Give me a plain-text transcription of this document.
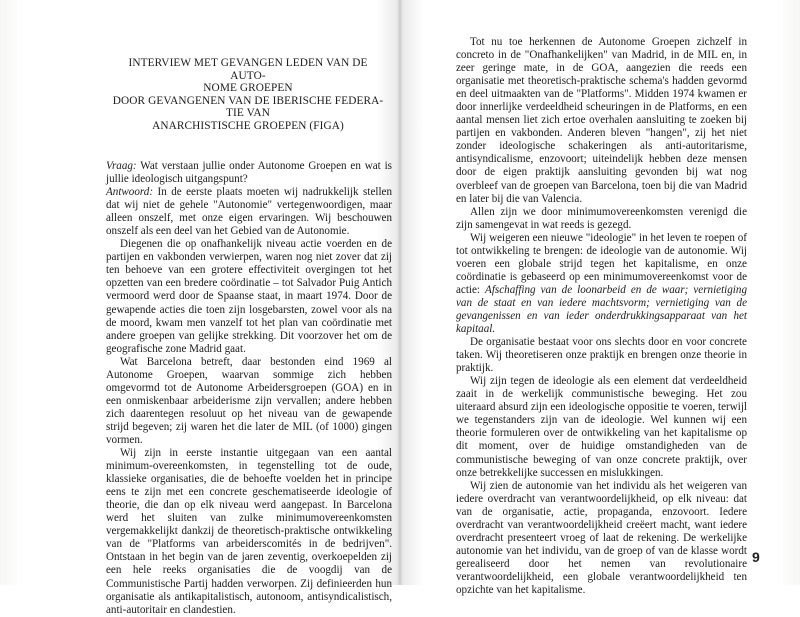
INTERVIEW MET GEVANGEN LEDEN VAN DE AUTO-
NOME GROEPEN
DOOR GEVANGENEN VAN DE IBERISCHE FEDERA-
TIE VAN
ANARCHISTISCHE GROEPEN (FIGA)

Vraag: Wat verstaan jullie onder Autonome Groepen en wat is jullie ideologisch uitgangspunt?

Antwoord: In de eerste plaats moeten wij nadrukkelijk stellen dat wij niet de gehele "Autonomie" vertegenwoordigen, maar alleen onszelf, met onze eigen ervaringen. Wij beschouwen onszelf als een deel van het Gebied van de Autonomie.

Diegenen die op onafhankelijk niveau actie voerden en de partijen en vakbonden verwierpen, waren nog niet zover dat zij ten behoeve van een grotere effectiviteit overgingen tot het opzetten van een bredere coördinatie – tot Salvador Puig Antich vermoord werd door de Spaanse staat, in maart 1974. Door de gewapende acties die toen zijn losgebarsten, zowel voor als na de moord, kwam men vanzelf tot het plan van coördinatie met andere groepen van gelijke strekking. Dit voorzover het om de geografische zone Madrid gaat.

Wat Barcelona betreft, daar bestonden eind 1969 al Autonome Groepen, waarvan sommige zich hebben omgevormd tot de Autonome Arbeidersgroepen (GOA) en in een onmiskenbaar arbeiderisme zijn vervallen; andere hebben zich daarentegen resoluut op het niveau van de gewapende strijd begeven; zij waren het die later de MIL (of 1000) gingen vormen.

Wij zijn in eerste instantie uitgegaan van een aantal minimum-overeenkomsten, in tegenstelling tot de oude, klassieke organisaties, die de behoefte voelden het in principe eens te zijn met een concrete geschematiseerde ideologie of theorie, die dan op elk niveau werd aangepast. In Barcelona werd het sluiten van zulke minimumovereenkomsten vergemakkelijkt dankzij de theoretisch-praktische ontwikkeling van de "Platforms van arbeiderscomités in de bedrijven". Ontstaan in het begin van de jaren zeventig, overkoepelden zij een hele reeks organisaties die de voogdij van de Communistische Partij hadden verworpen. Zij definieerden hun organisatie als antikapitalistisch, autonoom, antisyndicalistisch, anti-autoritair en clandestien.

Tot nu toe herkennen de Autonome Groepen zichzelf in concreto in de "Onafhankelijken" van Madrid, in de MIL en, in zeer geringe mate, in de GOA, aangezien die reeds een organisatie met theoretisch-praktische schema's hadden gevormd en deel uitmaakten van de "Platforms". Midden 1974 kwamen er door innerlijke verdeeldheid scheuringen in de Platforms, en een aantal mensen liet zich ertoe overhalen aansluiting te zoeken bij partijen en vakbonden. Anderen bleven "hangen", zij het niet zonder ideologische schakeringen als anti-autoritarisme, antisyndicalisme, enzovoort; uiteindelijk hebben deze mensen door de eigen praktijk aansluiting gevonden bij wat nog overbleef van de groepen van Barcelona, toen bij die van Madrid en later bij die van Valencia.

Allen zijn we door minimumovereenkomsten verenigd die zijn samengevat in wat reeds is gezegd.

Wij weigeren een nieuwe "ideologie" in het leven te roepen of tot ontwikkeling te brengen: de ideologie van de autonomie. Wij voeren een globale strijd tegen het kapitalisme, en onze coördinatie is gebaseerd op een minimumovereenkomst voor de actie: Afschaffing van de loonarbeid en de waar; vernietiging van de staat en van iedere machtsvorm; vernietiging van de gevangenissen en van ieder onderdrukkingsapparaat van het kapitaal.

De organisatie bestaat voor ons slechts door en voor concrete taken. Wij theoretiseren onze praktijk en brengen onze theorie in praktijk.

Wij zijn tegen de ideologie als een element dat verdeeldheid zaait in de werkelijk communistische beweging. Het zou uiteraard absurd zijn een ideologische oppositie te voeren, terwijl we tegenstanders zijn van de ideologie. Wel kunnen wij een theorie formuleren over de ontwikkeling van het kapitalisme op dit moment, over de huidige omstandigheden van de communistische beweging of van onze concrete praktijk, over onze betrekkelijke successen en mislukkingen.

Wij zien de autonomie van het individu als het weigeren van iedere overdracht van verantwoordelijkheid, op elk niveau: dat van de organisatie, actie, propaganda, enzovoort. Iedere overdracht van verantwoordelijkheid creëert macht, want iedere overdracht presenteert vroeg of laat de rekening. De werkelijke autonomie van het individu, van de groep of van de klasse wordt gerealiseerd door het nemen van revolutionaire verantwoordelijkheid, een globale verantwoordelijkheid ten opzichte van het kapitalisme.

9
